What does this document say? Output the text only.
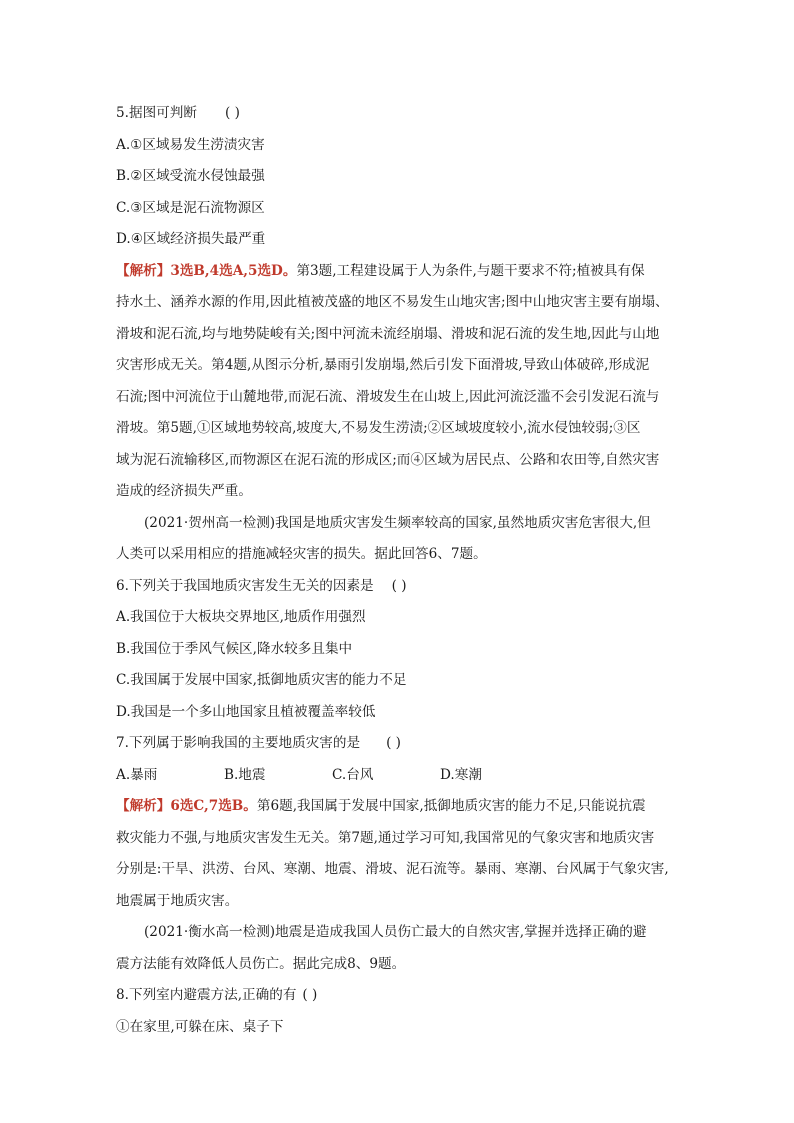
5.据图可判断 ( )
A.①区域易发生涝渍灾害
B.②区域受流水侵蚀最强
C.③区域是泥石流物源区
D.④区域经济损失最严重
【解析】3选B,4选A,5选D。第3题,工程建设属于人为条件,与题干要求不符;植被具有保
持水土、涵养水源的作用,因此植被茂盛的地区不易发生山地灾害;图中山地灾害主要有崩塌、
滑坡和泥石流,均与地势陡峻有关;图中河流未流经崩塌、滑坡和泥石流的发生地,因此与山地
灾害形成无关。第4题,从图示分析,暴雨引发崩塌,然后引发下面滑坡,导致山体破碎,形成泥
石流;图中河流位于山麓地带,而泥石流、滑坡发生在山坡上,因此河流泛滥不会引发泥石流与
滑坡。第5题,①区域地势较高,坡度大,不易发生涝渍;②区域坡度较小,流水侵蚀较弱;③区
域为泥石流输移区,而物源区在泥石流的形成区;而④区域为居民点、公路和农田等,自然灾害
造成的经济损失严重。
(2021·贺州高一检测)我国是地质灾害发生频率较高的国家,虽然地质灾害危害很大,但
人类可以采用相应的措施减轻灾害的损失。据此回答6、7题。
6.下列关于我国地质灾害发生无关的因素是 ( )
A.我国位于大板块交界地区,地质作用强烈
B.我国位于季风气候区,降水较多且集中
C.我国属于发展中国家,抵御地质灾害的能力不足
D.我国是一个多山地国家且植被覆盖率较低
7.下列属于影响我国的主要地质灾害的是 ( )
A.暴雨	B.地震	C.台风	D.寒潮
【解析】6选C,7选B。第6题,我国属于发展中国家,抵御地质灾害的能力不足,只能说抗震
救灾能力不强,与地质灾害发生无关。第7题,通过学习可知,我国常见的气象灾害和地质灾害
分别是:干旱、洪涝、台风、寒潮、地震、滑坡、泥石流等。暴雨、寒潮、台风属于气象灾害,
地震属于地质灾害。
(2021·衡水高一检测)地震是造成我国人员伤亡最大的自然灾害,掌握并选择正确的避
震方法能有效降低人员伤亡。据此完成8、9题。
8.下列室内避震方法,正确的有 ( )
①在家里,可躲在床、桌子下
